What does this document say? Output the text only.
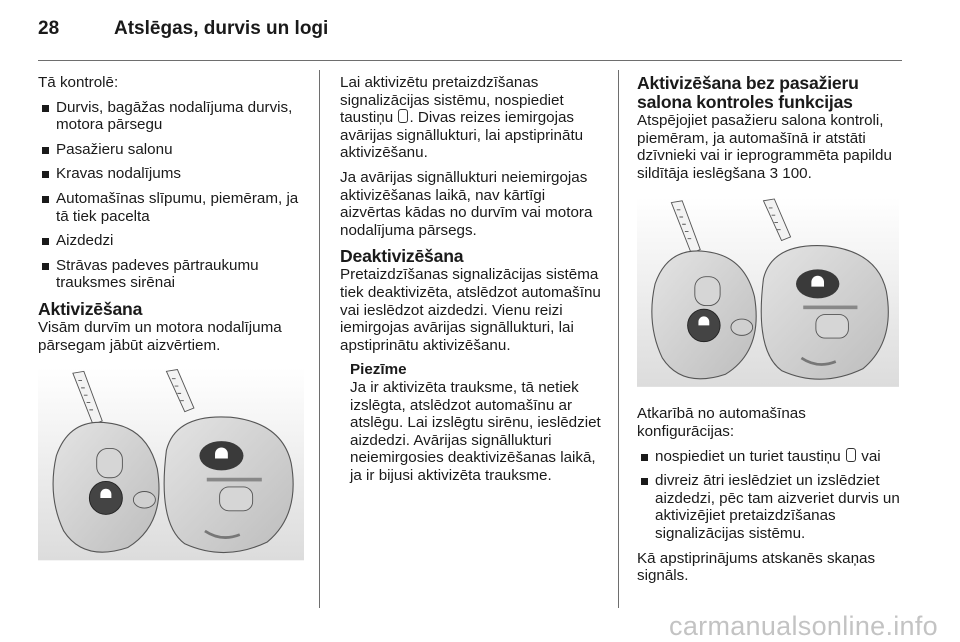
28	Atslēgas, durvis un logi

Tā kontrolē:

Durvis, bagāžas nodalījuma durvis, motora pārsegu
Pasažieru salonu
Kravas nodalījums
Automašīnas slīpumu, piemēram, ja tā tiek pacelta
Aizdedzi
Strāvas padeves pārtraukumu trauksmes sirēnai
Aktivizēšana

Visām durvīm un motora nodalījuma pārsegam jābūt aizvērtiem.

Lai aktivizētu pretaizdzīšanas signalizācijas sistēmu, nospiediet taustiņu . Divas reizes iemirgojas avārijas signāllukturi, lai apstiprinātu aktivizēšanu.

Ja avārijas signāllukturi neiemirgojas aktivizēšanas laikā, nav kārtīgi aizvērtas kādas no durvīm vai motora nodalījuma pārsegs.

Deaktivizēšana

Pretaizdzīšanas signalizācijas sistēma tiek deaktivizēta, atslēdzot automašīnu vai ieslēdzot aizdedzi. Vienu reizi iemirgojas avārijas signāllukturi, lai apstiprinātu aktivizēšanu.

Piezīme
Ja ir aktivizēta trauksme, tā netiek izslēgta, atslēdzot automašīnu ar atslēgu. Lai izslēgtu sirēnu, ieslēdziet aizdedzi. Avārijas signāllukturi neiemirgosies deaktivizēšanas laikā, ja ir bijusi aktivizēta trauksme.
Aktivizēšana bez pasažieru salona kontroles funkcijas

Atspējojiet pasažieru salona kontroli, piemēram, ja automašīnā ir atstāti dzīvnieki vai ir ieprogrammēta papildu sildītāja ieslēgšana 3 100.

Atkarībā no automašīnas konfigurācijas:

nospiediet un turiet taustiņu vai
divreiz ātri ieslēdziet un izslēdziet aizdedzi, pēc tam aizveriet durvis un aktivizējiet pretaizdzīšanas signalizācijas sistēmu.

Kā apstiprinājums atskanēs skaņas signāls.

carmanualsonline.info
